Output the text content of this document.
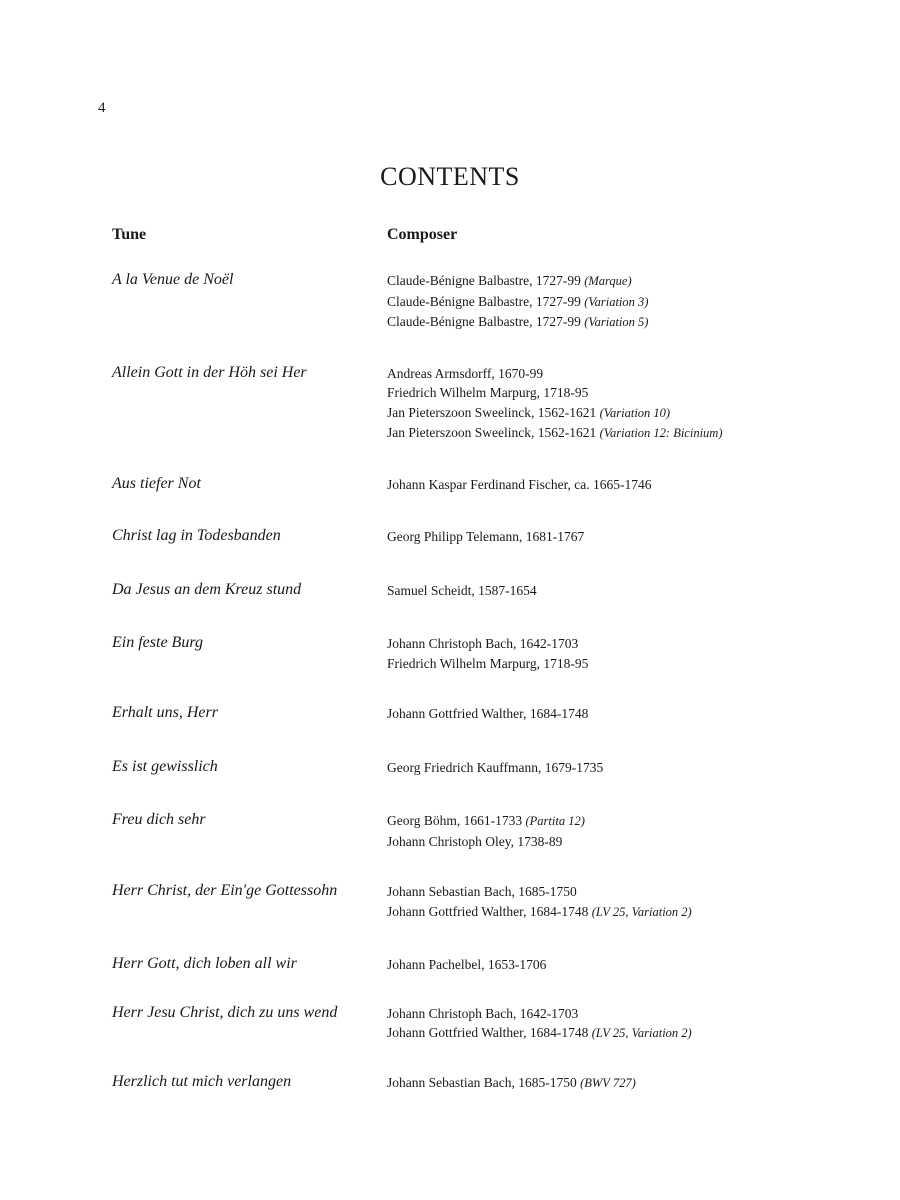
4
CONTENTS
Tune	Composer
A la Venue de Noël	Claude-Bénigne Balbastre, 1727-99 (Marque)
Claude-Bénigne Balbastre, 1727-99 (Variation 3)
Claude-Bénigne Balbastre, 1727-99 (Variation 5)
Allein Gott in der Höh sei Her	Andreas Armsdorff, 1670-99
Friedrich Wilhelm Marpurg, 1718-95
Jan Pieterszoon Sweelinck, 1562-1621 (Variation 10)
Jan Pieterszoon Sweelinck, 1562-1621 (Variation 12: Bicinium)
Aus tiefer Not	Johann Kaspar Ferdinand Fischer, ca. 1665-1746
Christ lag in Todesbanden	Georg Philipp Telemann, 1681-1767
Da Jesus an dem Kreuz stund	Samuel Scheidt, 1587-1654
Ein feste Burg	Johann Christoph Bach, 1642-1703
Friedrich Wilhelm Marpurg, 1718-95
Erhalt uns, Herr	Johann Gottfried Walther, 1684-1748
Es ist gewisslich	Georg Friedrich Kauffmann, 1679-1735
Freu dich sehr	Georg Böhm, 1661-1733 (Partita 12)
Johann Christoph Oley, 1738-89
Herr Christ, der Ein'ge Gottessohn	Johann Sebastian Bach, 1685-1750
Johann Gottfried Walther, 1684-1748 (LV 25, Variation 2)
Herr Gott, dich loben all wir	Johann Pachelbel, 1653-1706
Herr Jesu Christ, dich zu uns wend	Johann Christoph Bach, 1642-1703
Johann Gottfried Walther, 1684-1748 (LV 25, Variation 2)
Herzlich tut mich verlangen	Johann Sebastian Bach, 1685-1750 (BWV 727)
